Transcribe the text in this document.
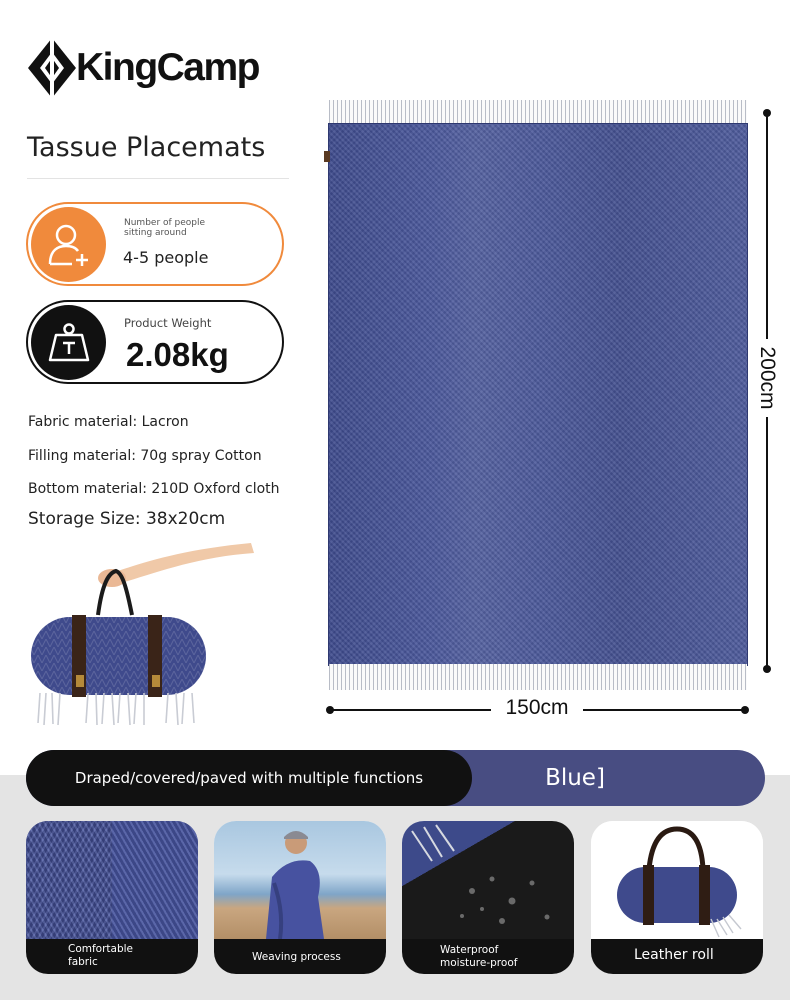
KingCamp
Tassue Placemats
Number of people sitting around
4-5 people
Product Weight
2.08kg
Fabric material: Lacron
Filling material: 70g spray Cotton
Bottom material: 210D Oxford cloth
Storage Size: 38x20cm
200cm
150cm
Draped/covered/paved with multiple functions	Blue]
Comfortable
fabric	Weaving process
Waterproof
moisture-proof	Leather roll
